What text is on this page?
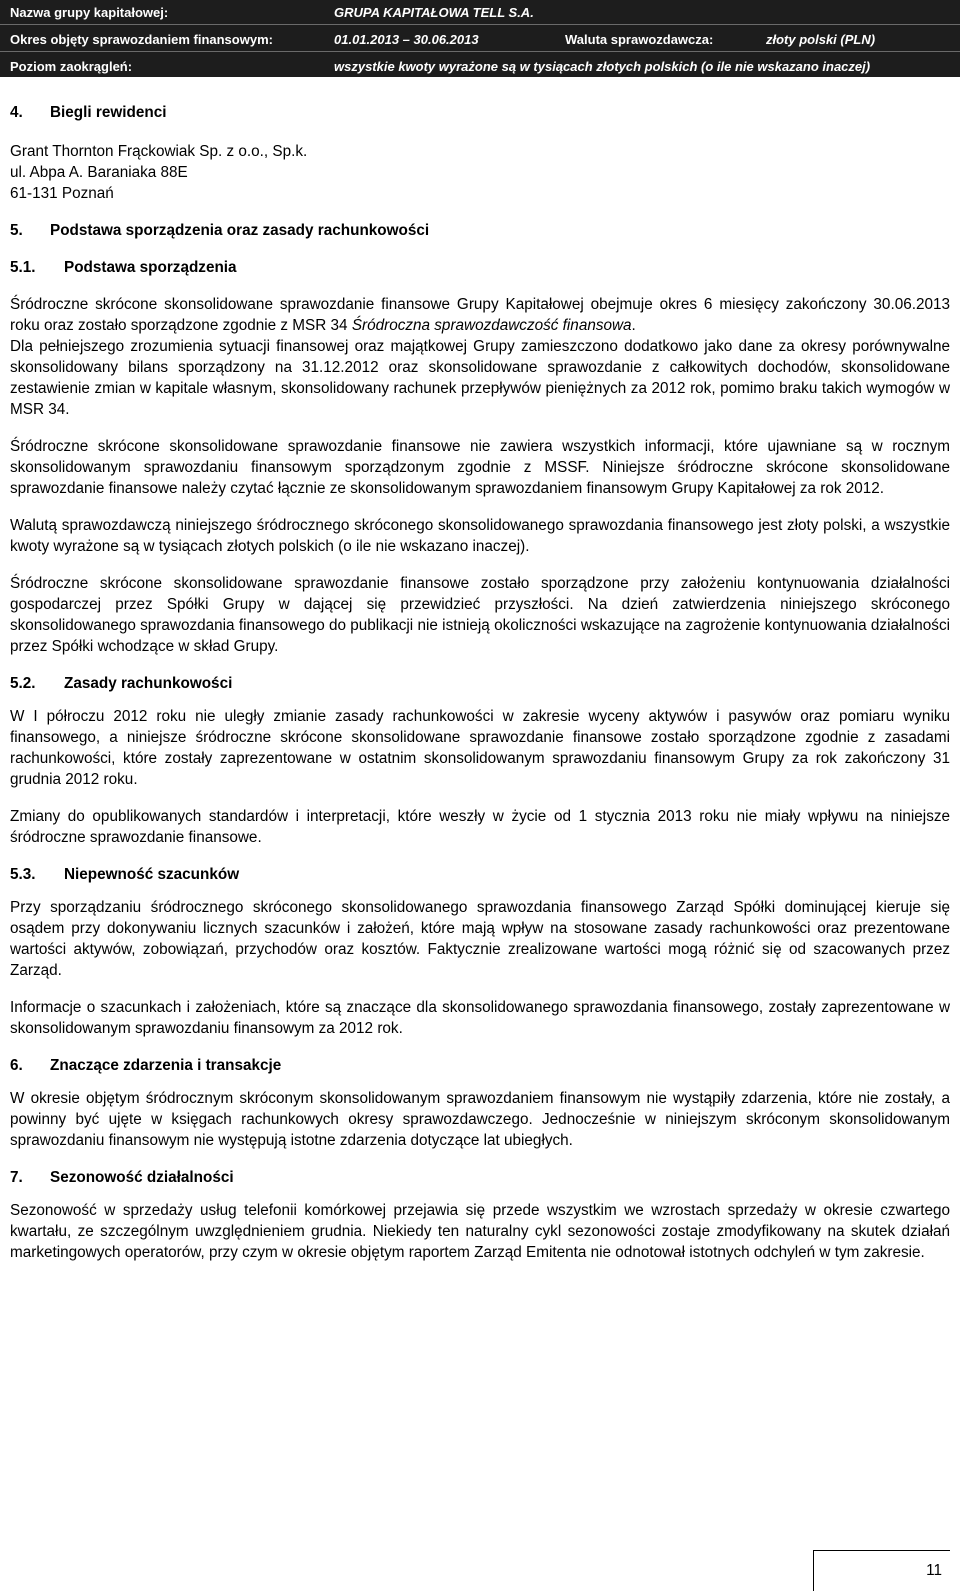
Nazwa grupy kapitałowej:	GRUPA KAPITAŁOWA TELL S.A.
Okres objęty sprawozdaniem finansowym:	01.01.2013 – 30.06.2013	Waluta sprawozdawcza:	złoty polski (PLN)
Poziom zaokrągleń:	wszystkie kwoty wyrażone są w tysiącach złotych polskich (o ile nie wskazano inaczej)

4. Biegli rewidenci

Grant Thornton Frąckowiak Sp. z o.o., Sp.k.

ul. Abpa A. Baraniaka 88E

61-131 Poznań

5. Podstawa sporządzenia oraz zasady rachunkowości

5.1. Podstawa sporządzenia

Śródroczne skrócone skonsolidowane sprawozdanie finansowe Grupy Kapitałowej obejmuje okres 6 miesięcy zakończony 30.06.2013 roku oraz zostało sporządzone zgodnie z MSR 34 Śródroczna sprawozdawczość finansowa.

Dla pełniejszego zrozumienia sytuacji finansowej oraz majątkowej Grupy zamieszczono dodatkowo jako dane za okresy porównywalne skonsolidowany bilans sporządzony na 31.12.2012 oraz skonsolidowane sprawozdanie z całkowitych dochodów, skonsolidowane zestawienie zmian w kapitale własnym, skonsolidowany rachunek przepływów pieniężnych za 2012 rok, pomimo braku takich wymogów w MSR 34.

Śródroczne skrócone skonsolidowane sprawozdanie finansowe nie zawiera wszystkich informacji, które ujawniane są w rocznym skonsolidowanym sprawozdaniu finansowym sporządzonym zgodnie z MSSF. Niniejsze śródroczne skrócone skonsolidowane sprawozdanie finansowe należy czytać łącznie ze skonsolidowanym sprawozdaniem finansowym Grupy Kapitałowej za rok 2012.

Walutą sprawozdawczą niniejszego śródrocznego skróconego skonsolidowanego sprawozdania finansowego jest złoty polski, a wszystkie kwoty wyrażone są w tysiącach złotych polskich (o ile nie wskazano inaczej).

Śródroczne skrócone skonsolidowane sprawozdanie finansowe zostało sporządzone przy założeniu kontynuowania działalności gospodarczej przez Spółki Grupy w dającej się przewidzieć przyszłości. Na dzień zatwierdzenia niniejszego skróconego skonsolidowanego sprawozdania finansowego do publikacji nie istnieją okoliczności wskazujące na zagrożenie kontynuowania działalności przez Spółki wchodzące w skład Grupy.

5.2. Zasady rachunkowości

W I półroczu 2012 roku nie uległy zmianie zasady rachunkowości w zakresie wyceny aktywów i pasywów oraz pomiaru wyniku finansowego, a niniejsze śródroczne skrócone skonsolidowane sprawozdanie finansowe zostało sporządzone zgodnie z zasadami rachunkowości, które zostały zaprezentowane w ostatnim skonsolidowanym sprawozdaniu finansowym Grupy za rok zakończony 31 grudnia 2012 roku.

Zmiany do opublikowanych standardów i interpretacji, które weszły w życie od 1 stycznia 2013 roku nie miały wpływu na niniejsze śródroczne sprawozdanie finansowe.

5.3. Niepewność szacunków

Przy sporządzaniu śródrocznego skróconego skonsolidowanego sprawozdania finansowego Zarząd Spółki dominującej kieruje się osądem przy dokonywaniu licznych szacunków i założeń, które mają wpływ na stosowane zasady rachunkowości oraz prezentowane wartości aktywów, zobowiązań, przychodów oraz kosztów. Faktycznie zrealizowane wartości mogą różnić się od szacowanych przez Zarząd.

Informacje o szacunkach i założeniach, które są znaczące dla skonsolidowanego sprawozdania finansowego, zostały zaprezentowane w skonsolidowanym sprawozdaniu finansowym za 2012 rok.

6. Znaczące zdarzenia i transakcje

W okresie objętym śródrocznym skróconym skonsolidowanym sprawozdaniem finansowym nie wystąpiły zdarzenia, które nie zostały, a powinny być ujęte w księgach rachunkowych okresy sprawozdawczego. Jednocześnie w niniejszym skróconym skonsolidowanym sprawozdaniu finansowym nie występują istotne zdarzenia dotyczące lat ubiegłych.

7. Sezonowość działalności

Sezonowość w sprzedaży usług telefonii komórkowej przejawia się przede wszystkim we wzrostach sprzedaży w okresie czwartego kwartału, ze szczególnym uwzględnieniem grudnia. Niekiedy ten naturalny cykl sezonowości zostaje zmodyfikowany na skutek działań marketingowych operatorów, przy czym w okresie objętym raportem Zarząd Emitenta nie odnotował istotnych odchyleń w tym zakresie.

11
